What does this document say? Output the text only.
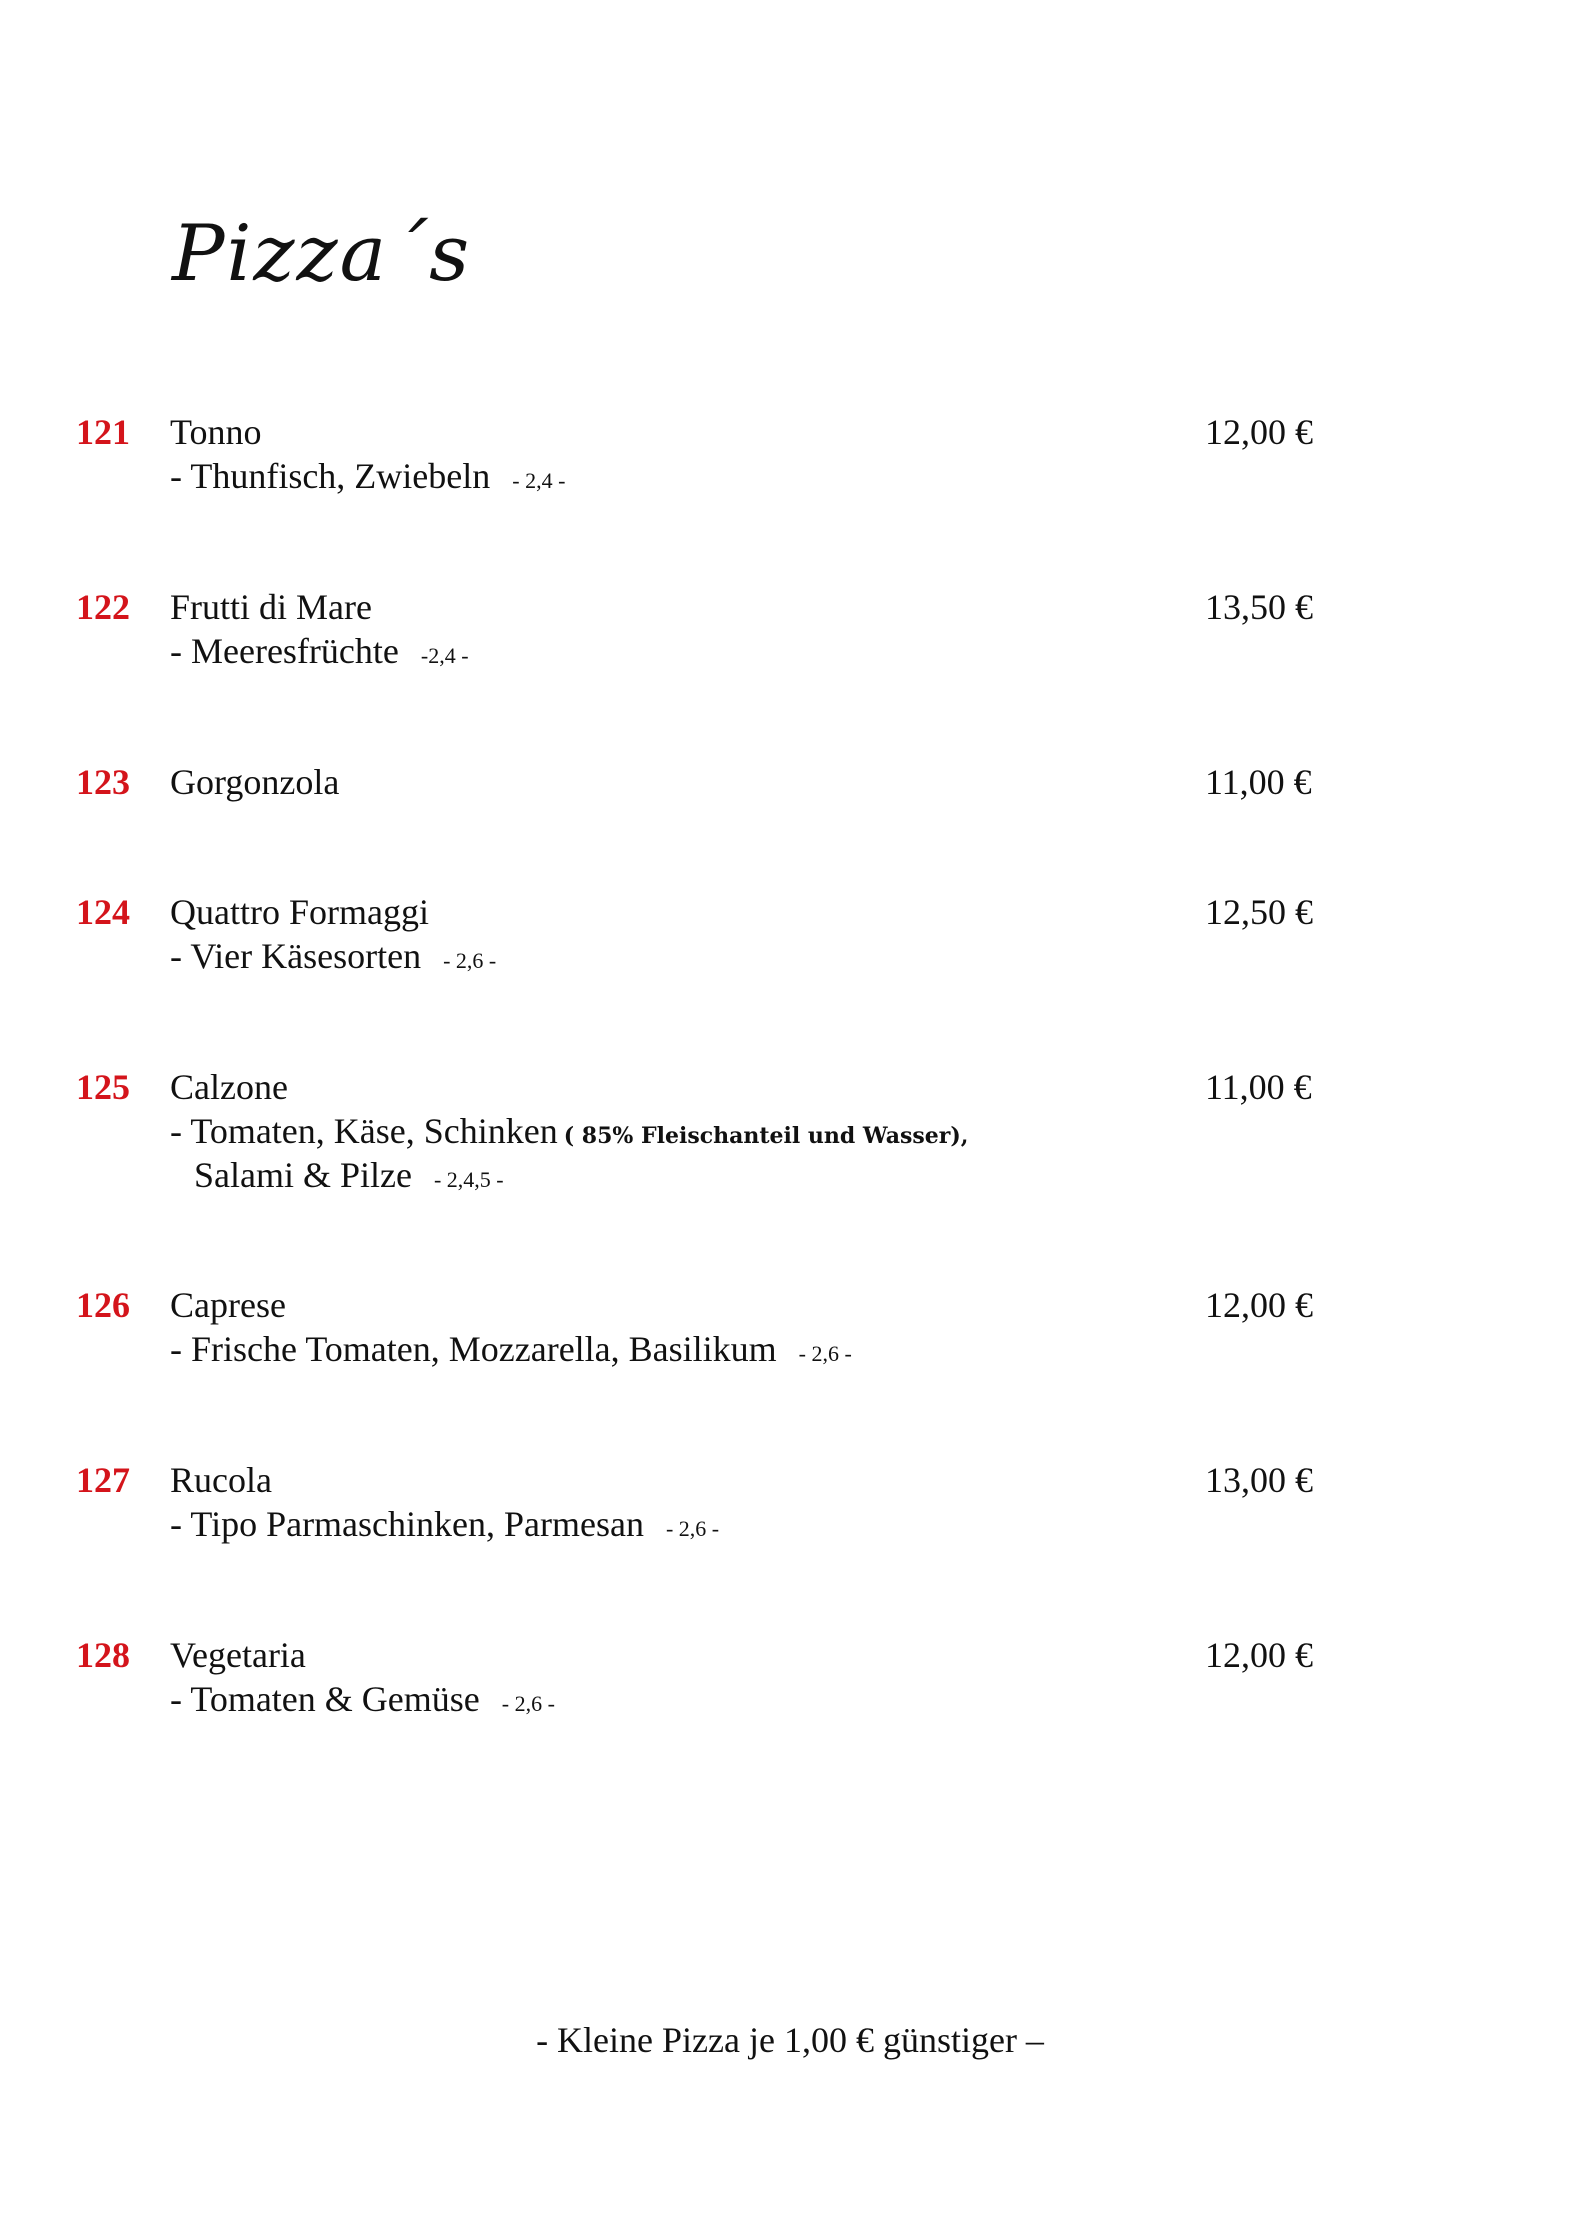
Pizza´s
121 Tonno	12,00 €
- Thunfisch, Zwiebeln - 2,4 -
122 Frutti di Mare	13,50 €
- Meeresfrüchte -2,4 -
123 Gorgonzola	11,00 €
124 Quattro Formaggi	12,50 €
- Vier Käsesorten - 2,6 -
125 Calzone	11,00 €
- Tomaten, Käse, Schinken ( 85% Fleischanteil und Wasser),
Salami & Pilze - 2,4,5 -
126 Caprese	12,00 €
- Frische Tomaten, Mozzarella, Basilikum - 2,6 -
127 Rucola	13,00 €
- Tipo Parmaschinken, Parmesan - 2,6 -
128 Vegetaria	12,00 €
- Tomaten & Gemüse - 2,6 -
- Kleine Pizza je 1,00 € günstiger –
